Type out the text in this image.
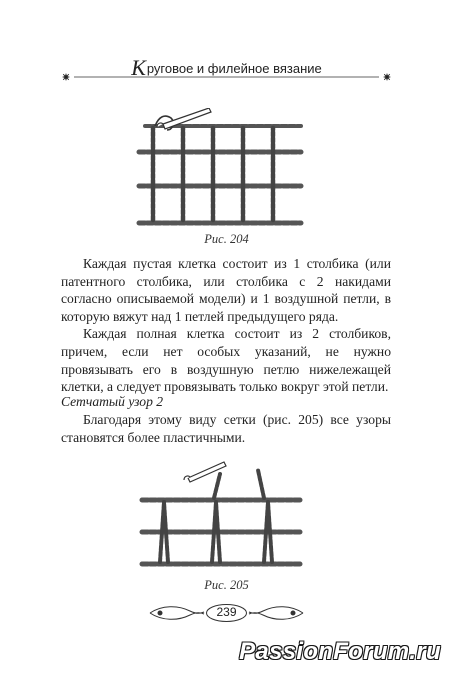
Круговое и филейное вязание
Рис. 204

Каждая пустая клетка состоит из 1 столбика (или патентного столбика, или столбика с 2 накидами согласно описываемой модели) и 1 воздушной петли, в которую вяжут над 1 петлей предыдущего ряда.

Каждая полная клетка состоит из 2 столбиков, причем, если нет особых указаний, не нужно провязывать его в воздушную петлю нижележащей клетки, а следует провязывать только вокруг этой петли.

Сетчатый узор 2

Благодаря этому виду сетки (рис. 205) все узоры становятся более пластичными.

Рис. 205
239
PassionForum.ru
